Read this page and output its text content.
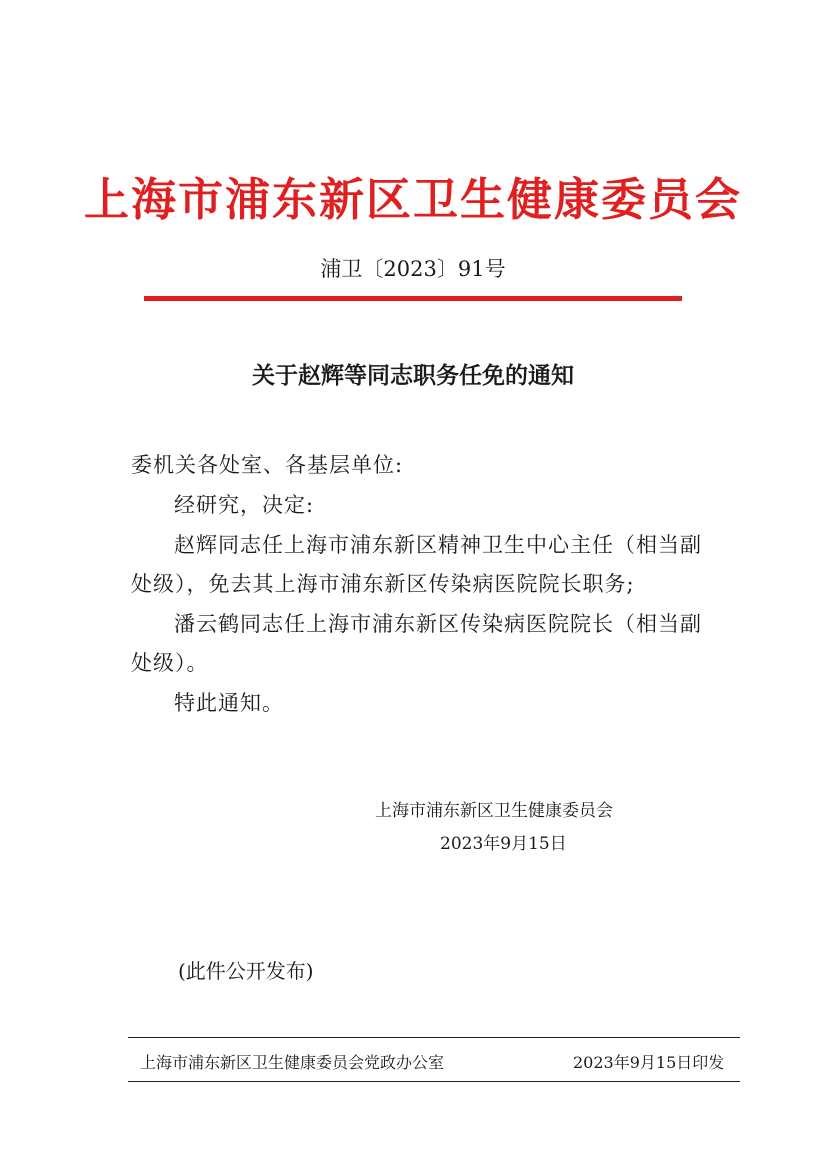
上海市浦东新区卫生健康委员会
浦卫〔2023〕91号
关于赵辉等同志职务任免的通知
委机关各处室、各基层单位:
经研究，决定:
赵辉同志任上海市浦东新区精神卫生中心主任（相当副
处级），免去其上海市浦东新区传染病医院院长职务;
潘云鹤同志任上海市浦东新区传染病医院院长（相当副
处级）。
特此通知。
上海市浦东新区卫生健康委员会
2023年9月15日
(此件公开发布)
上海市浦东新区卫生健康委员会党政办公室	2023年9月15日印发
